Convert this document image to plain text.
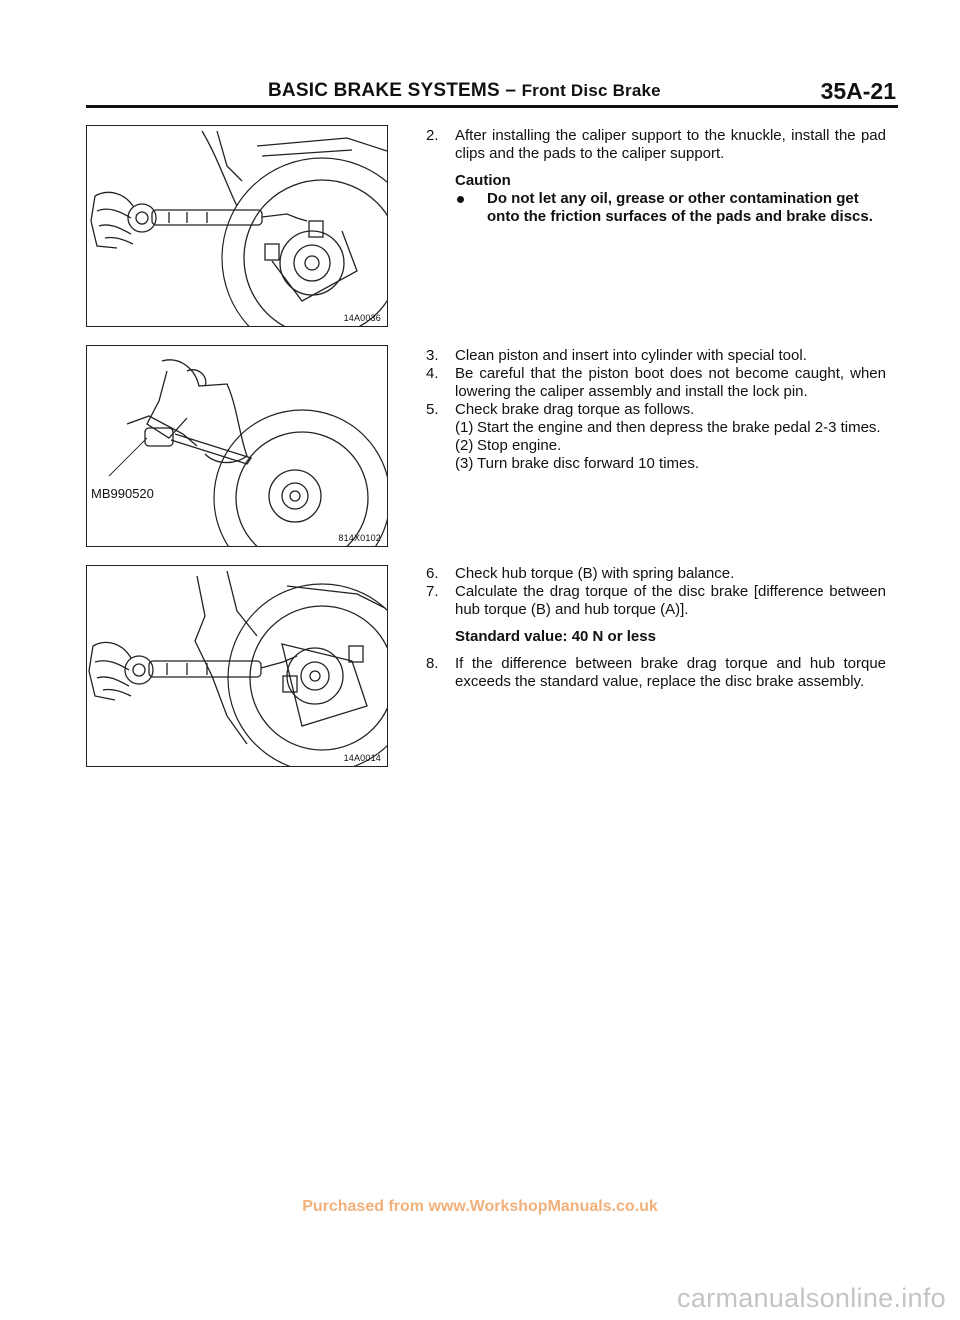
BASIC BRAKE SYSTEMS – Front Disc Brake	35A-21
14A0036
MB990520
814X0102
14A0014
2. After installing the caliper support to the knuckle, install the pad clips and the pads to the caliper support.
Caution
Do not let any oil, grease or other contamination get onto the friction surfaces of the pads and brake discs.
3. Clean piston and insert into cylinder with special tool.
4. Be careful that the piston boot does not become caught, when lowering the caliper assembly and install the lock pin.
5. Check brake drag torque as follows.
(1) Start the engine and then depress the brake pedal 2-3 times.
(2) Stop engine.
(3) Turn brake disc forward 10 times.
6. Check hub torque (B) with spring balance.
7. Calculate the drag torque of the disc brake [difference between hub torque (B) and hub torque (A)].
Standard value: 40 N or less
8. If the difference between brake drag torque and hub torque exceeds the standard value, replace the disc brake assembly.
Purchased from www.WorkshopManuals.co.uk
carmanualsonline.info
